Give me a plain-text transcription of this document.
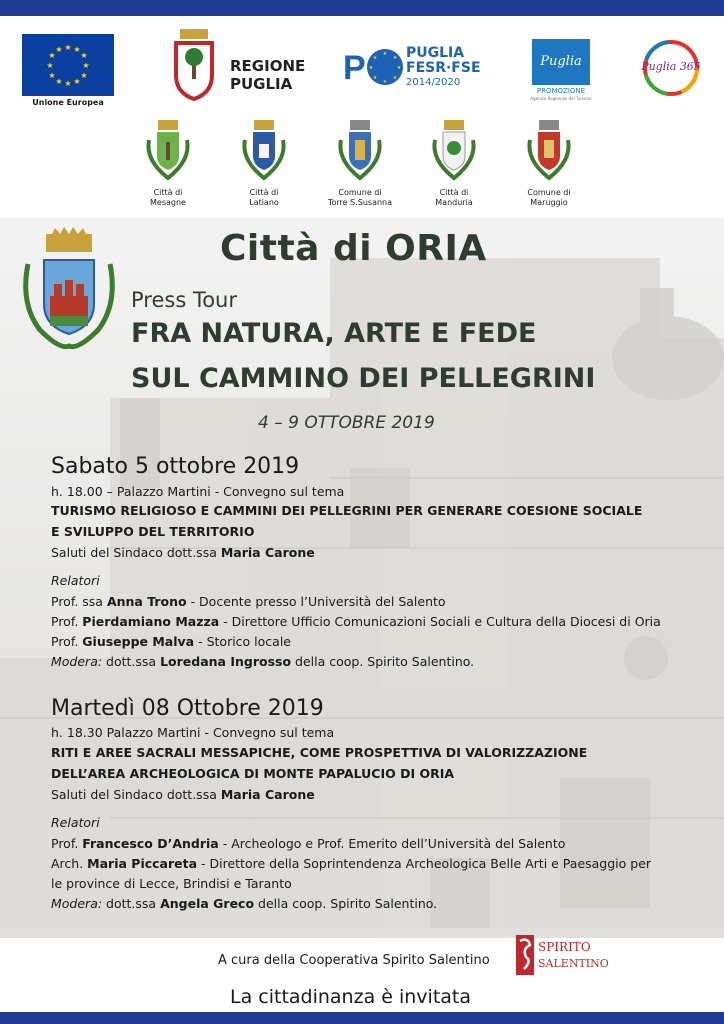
★ ★
★
★
★
★
★
★
★
★
★
★
Unione Europea
REGIONE
PUGLIA	P	★
★
★
★
★
★
★
★ PUGLIA
FESR·FSE
2014/2020
Puglia
PROMOZIONE
Agenzia Regionale del Turismo
Puglia 365
Città di
Mesagne
Città di
Latiano
Comune di
Torre S.Susanna
Città di
Manduria
Comune di
Maruggio
Città di ORIA
Press Tour
FRA NATURA, ARTE E FEDE
SUL CAMMINO DEI PELLEGRINI
4 – 9 OTTOBRE 2019
Sabato 5 ottobre 2019
h. 18.00 – Palazzo Martini - Convegno sul tema
TURISMO RELIGIOSO E CAMMINI DEI PELLEGRINI PER GENERARE COESIONE SOCIALE
E SVILUPPO DEL TERRITORIO
Saluti del Sindaco dott.ssa Maria Carone
Relatori
Prof. ssa Anna Trono - Docente presso l’Università del Salento
Prof. Pierdamiano Mazza - Direttore Ufficio Comunicazioni Sociali e Cultura della Diocesi di Oria
Prof. Giuseppe Malva - Storico locale
Modera: dott.ssa Loredana Ingrosso della coop. Spirito Salentino.
Martedì 08 Ottobre 2019
h. 18.30 Palazzo Martini - Convegno sul tema
RITI E AREE SACRALI MESSAPICHE, COME PROSPETTIVA DI VALORIZZAZIONE
DELL’AREA ARCHEOLOGICA DI MONTE PAPALUCIO DI ORIA
Saluti del Sindaco dott.ssa Maria Carone
Relatori
Prof. Francesco D’Andria - Archeologo e Prof. Emerito dell’Università del Salento
Arch. Maria Piccareta - Direttore della Soprintendenza Archeologica Belle Arti e Paesaggio per
le province di Lecce, Brindisi e Taranto
Modera: dott.ssa Angela Greco della coop. Spirito Salentino.
A cura della Cooperativa Spirito Salentino
SPIRITO
SALENTINO
La cittadinanza è invitata
